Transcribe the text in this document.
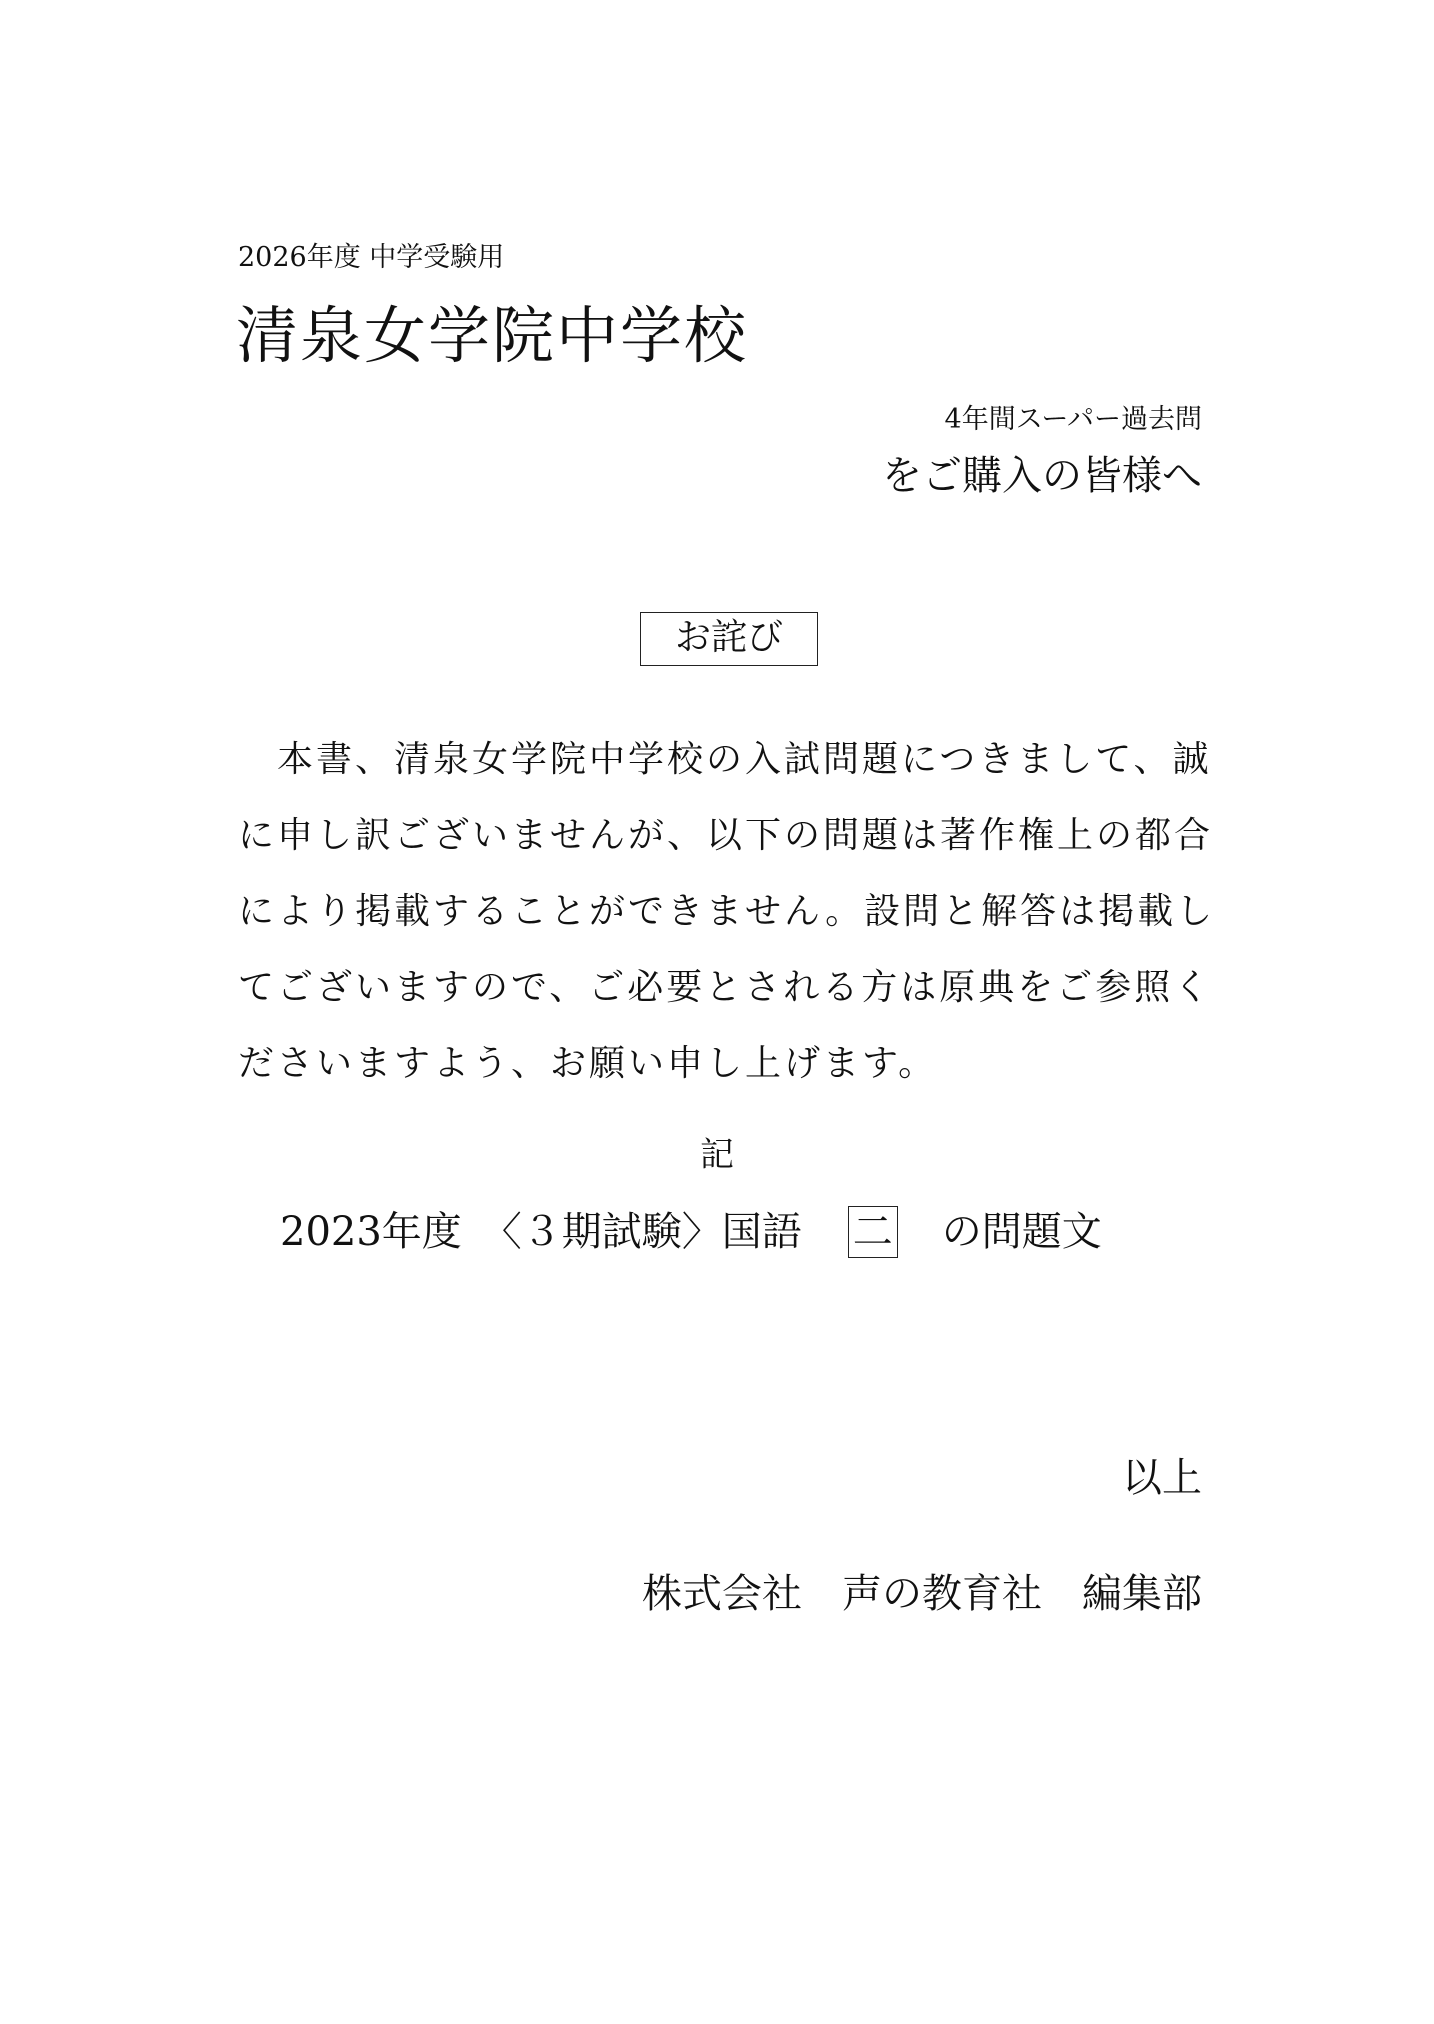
2026年度 中学受験用
清泉女学院中学校
4年間スーパー過去問
をご購入の皆様へ
お詫び
　本書、清泉女学院中学校の入試問題につきまして、誠
に申し訳ございませんが、以下の問題は著作権上の都合
により掲載することができません。設問と解答は掲載し
てございますので、ご必要とされる方は原典をご参照く
ださいますよう、お願い申し上げます。
記
2023年度　〈３期試験〉国語 二 の問題文
以上
株式会社　声の教育社　編集部
